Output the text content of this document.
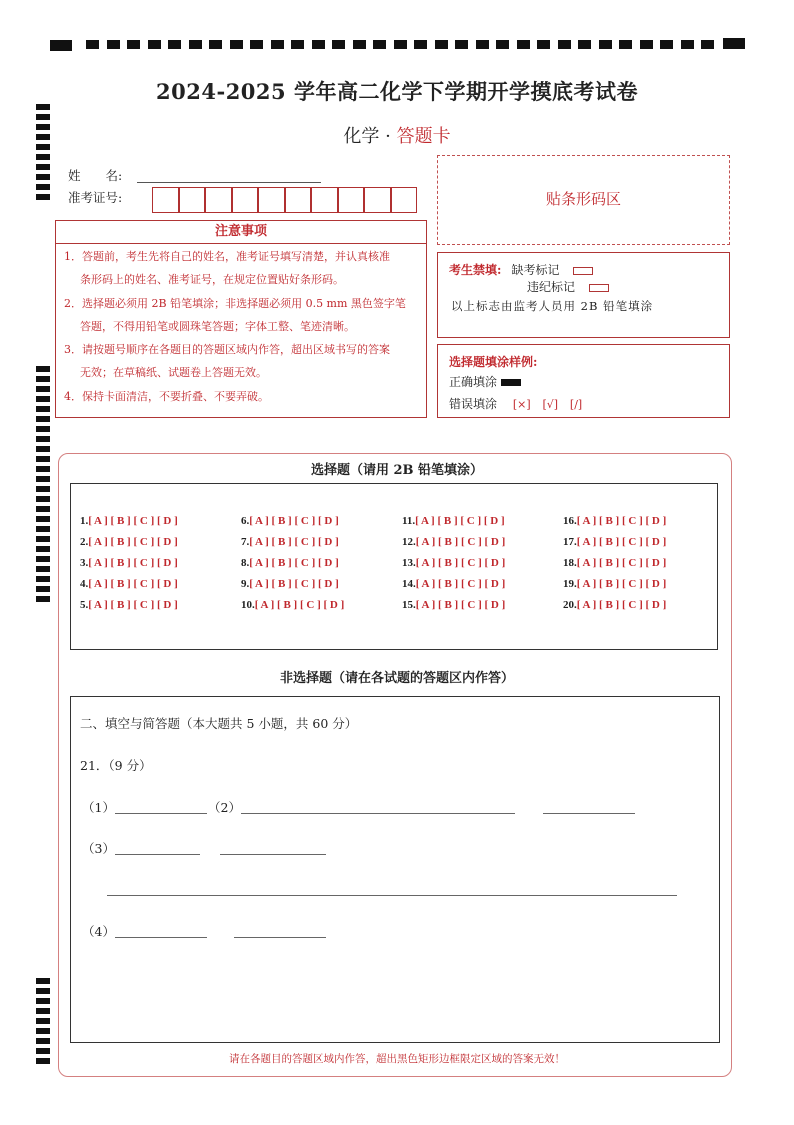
2024-2025 学年高二化学下学期开学摸底考试卷
化学 · 答题卡
姓　　名:
准考证号:
注意事项
1．答题前，考生先将自己的姓名，准考证号填写清楚，并认真核准
条形码上的姓名、准考证号，在规定位置贴好条形码。
2．选择题必须用 2B 铅笔填涂；非选择题必须用 0.5 mm 黑色签字笔
答题，不得用铅笔或圆珠笔答题；字体工整、笔迹清晰。
3．请按题号顺序在各题目的答题区域内作答，超出区域书写的答案
无效；在草稿纸、试题卷上答题无效。
4．保持卡面清洁，不要折叠、不要弄破。
贴条形码区
考生禁填: 缺考标记
违纪标记
以上标志由监考人员用 2B 铅笔填涂
选择题填涂样例:
正确填涂
错误填涂 [×] [√] [/]
选择题（请用 2B 铅笔填涂）
1.[ A ] [ B ] [ C ] [ D ]
2.[ A ] [ B ] [ C ] [ D ]
3.[ A ] [ B ] [ C ] [ D ]
4.[ A ] [ B ] [ C ] [ D ]
5.[ A ] [ B ] [ C ] [ D ]
6.[ A ] [ B ] [ C ] [ D ]
7.[ A ] [ B ] [ C ] [ D ]
8.[ A ] [ B ] [ C ] [ D ]
9.[ A ] [ B ] [ C ] [ D ]
10.[ A ] [ B ] [ C ] [ D ]
11.[ A ] [ B ] [ C ] [ D ]
12.[ A ] [ B ] [ C ] [ D ]
13.[ A ] [ B ] [ C ] [ D ]
14.[ A ] [ B ] [ C ] [ D ]
15.[ A ] [ B ] [ C ] [ D ]
16.[ A ] [ B ] [ C ] [ D ]
17.[ A ] [ B ] [ C ] [ D ]
18.[ A ] [ B ] [ C ] [ D ]
19.[ A ] [ B ] [ C ] [ D ]
20.[ A ] [ B ] [ C ] [ D ]
非选择题（请在各试题的答题区内作答）
二、填空与简答题（本大题共 5 小题，共 60 分）
21．（9 分）
（1）	（2）
（3）
（4）
请在各题目的答题区域内作答，超出黑色矩形边框限定区域的答案无效！
